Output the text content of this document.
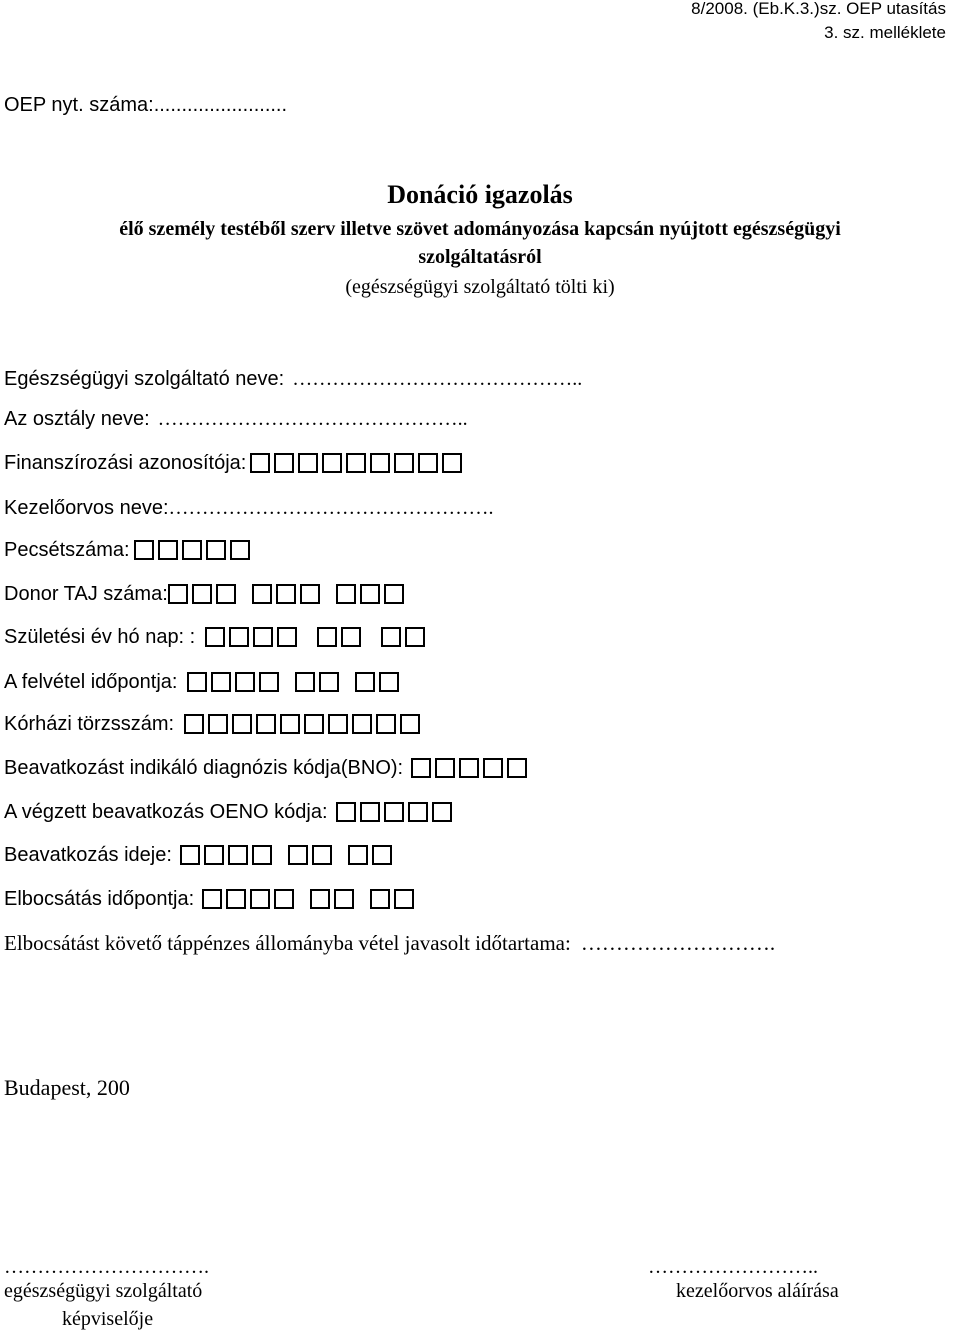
8/2008. (Eb.K.3.)sz. OEP utasítás
3. sz. melléklete
OEP nyt. száma:........................
Donáció igazolás
élő személy testéből szerv illetve szövet adományozása kapcsán nyújtott egészségügyi
szolgáltatásról
(egészségügyi szolgáltató tölti ki)
Egészségügyi szolgáltató neve: ……………………………………..
Az osztály neve: ………………………………………..
Finanszírozási azonosítója:
Kezelőorvos neve: ………………………………………….
Pecsétszáma:
Donor TAJ száma:
Születési év hó nap: :
A felvétel időpontja:
Kórházi törzsszám:
Beavatkozást indikáló diagnózis kódja(BNO):
A végzett beavatkozás OENO kódja:
Beavatkozás ideje:
Elbocsátás időpontja:
Elbocsátást követő táppénzes állományba vétel javasolt időtartama: ……………………….
Budapest, 200
………………………….
egészségügyi szolgáltató
képviselője
……………………..
kezelőorvos aláírása
